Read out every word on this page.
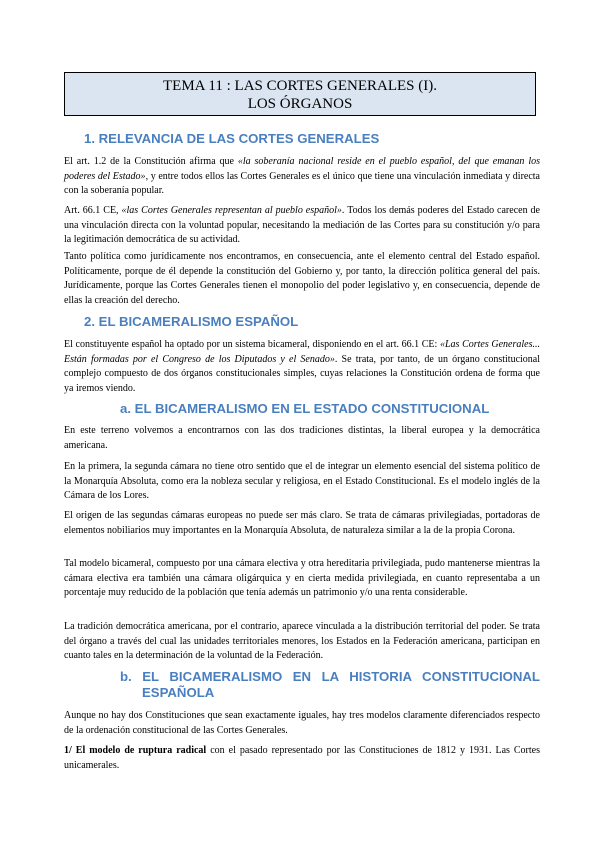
TEMA 11 : LAS CORTES GENERALES (I).
LOS ÓRGANOS
1. RELEVANCIA DE LAS CORTES GENERALES

El art. 1.2 de la Constitución afirma que «la soberanía nacional reside en el pueblo español, del que emanan los poderes del Estado», y entre todos ellos las Cortes Generales es el único que tiene una vinculación inmediata y directa con la soberanía popular.

Art. 66.1 CE, «las Cortes Generales representan al pueblo español». Todos los demás poderes del Estado carecen de una vinculación directa con la voluntad popular, necesitando la mediación de las Cortes para su constitución y/o para la legitimación democrática de su actividad.

Tanto política como jurídicamente nos encontramos, en consecuencia, ante el elemento central del Estado español. Políticamente, porque de él depende la constitución del Gobierno y, por tanto, la dirección política general del país. Jurídicamente, porque las Cortes Generales tienen el monopolio del poder legislativo y, en consecuencia, depende de ellas la creación del derecho.

2. EL BICAMERALISMO ESPAÑOL

El constituyente español ha optado por un sistema bicameral, disponiendo en el art. 66.1 CE: «Las Cortes Generales... Están formadas por el Congreso de los Diputados y el Senado». Se trata, por tanto, de un órgano constitucional complejo compuesto de dos órganos constitucionales simples, cuyas relaciones la Constitución ordena de forma que ya iremos viendo.

a. EL BICAMERALISMO EN EL ESTADO CONSTITUCIONAL

En este terreno volvemos a encontrarnos con las dos tradiciones distintas, la liberal europea y la democrática americana.

En la primera, la segunda cámara no tiene otro sentido que el de integrar un elemento esencial del sistema político de la Monarquía Absoluta, como era la nobleza secular y religiosa, en el Estado Constitucional. Es el modelo inglés de la Cámara de los Lores.

El origen de las segundas cámaras europeas no puede ser más claro. Se trata de cámaras privilegiadas, portadoras de elementos nobiliarios muy importantes en la Monarquía Absoluta, de naturaleza similar a la de la propia Corona.

Tal modelo bicameral, compuesto por una cámara electiva y otra hereditaria privilegiada, pudo mantenerse mientras la cámara electiva era también una cámara oligárquica y en cierta medida privilegiada, en cuanto representaba a un porcentaje muy reducido de la población que tenía además un patrimonio y/o una renta considerable.

La tradición democrática americana, por el contrario, aparece vinculada a la distribución territorial del poder. Se trata del órgano a través del cual las unidades territoriales menores, los Estados en la Federación americana, participan en cuanto tales en la determinación de la voluntad de la Federación.

b. EL BICAMERALISMO EN LA HISTORIA CONSTITUCIONAL
ESPAÑOLA

Aunque no hay dos Constituciones que sean exactamente iguales, hay tres modelos claramente diferenciados respecto de la ordenación constitucional de las Cortes Generales.

1/ El modelo de ruptura radical con el pasado representado por las Constituciones de 1812 y 1931. Las Cortes unicamerales.
